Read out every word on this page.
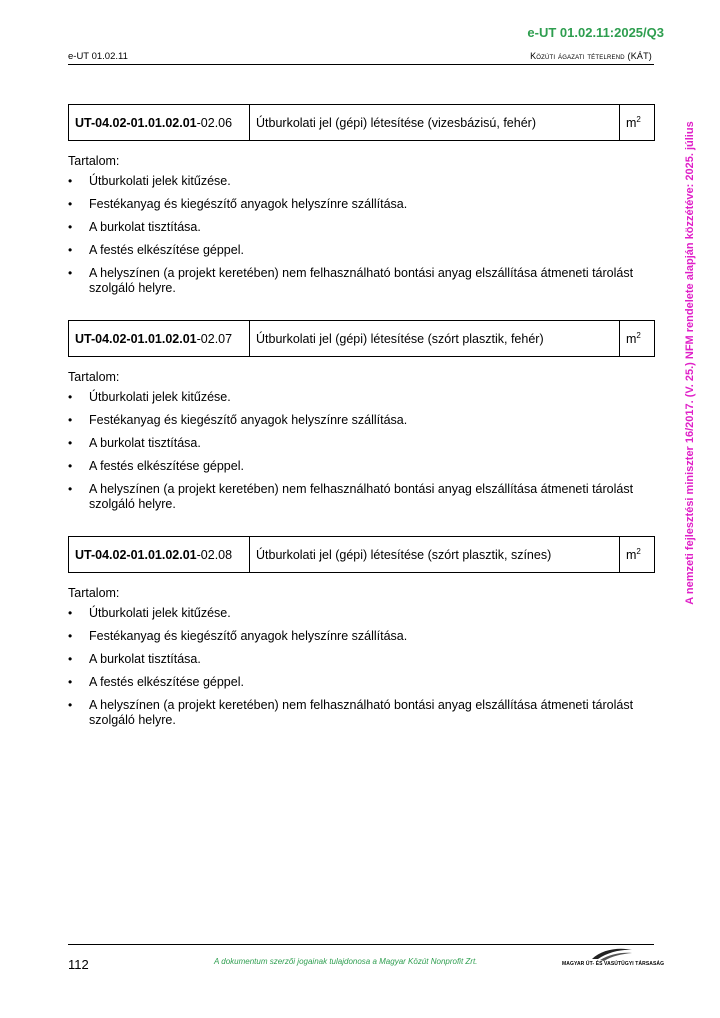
e-UT 01.02.11:2025/Q3
e-UT 01.02.11	Közúti ágazati tételrend (KÁT)
A nemzeti fejlesztési miniszter 16/2017. (V. 25.) NFM rendelete alapján közzétéve: 2025. július
UT-04.02-01.01.02.01-02.06	Útburkolati jel (gépi) létesítése (vizesbázisú, fehér)	$m^2$
Tartalom:
• Útburkolati jelek kitűzése.
• Festékanyag és kiegészítő anyagok helyszínre szállítása.
• A burkolat tisztítása.
• A festés elkészítése géppel.
• A helyszínen (a projekt keretében) nem felhasználható bontási anyag elszállítása átmeneti tárolást szolgáló helyre.
UT-04.02-01.01.02.01-02.07	Útburkolati jel (gépi) létesítése (szórt plasztik, fehér)	$m^2$
Tartalom:
• Útburkolati jelek kitűzése.
• Festékanyag és kiegészítő anyagok helyszínre szállítása.
• A burkolat tisztítása.
• A festés elkészítése géppel.
• A helyszínen (a projekt keretében) nem felhasználható bontási anyag elszállítása átmeneti tárolást szolgáló helyre.
UT-04.02-01.01.02.01-02.08	Útburkolati jel (gépi) létesítése (szórt plasztik, színes)	$m^2$
Tartalom:
• Útburkolati jelek kitűzése.
• Festékanyag és kiegészítő anyagok helyszínre szállítása.
• A burkolat tisztítása.
• A festés elkészítése géppel.
• A helyszínen (a projekt keretében) nem felhasználható bontási anyag elszállítása átmeneti tárolást szolgáló helyre.
112	A dokumentum szerzői jogainak tulajdonosa a Magyar Közút Nonprofit Zrt.	MAGYAR ÚT- ÉS VASÚTÜGYI TÁRSASÁG
